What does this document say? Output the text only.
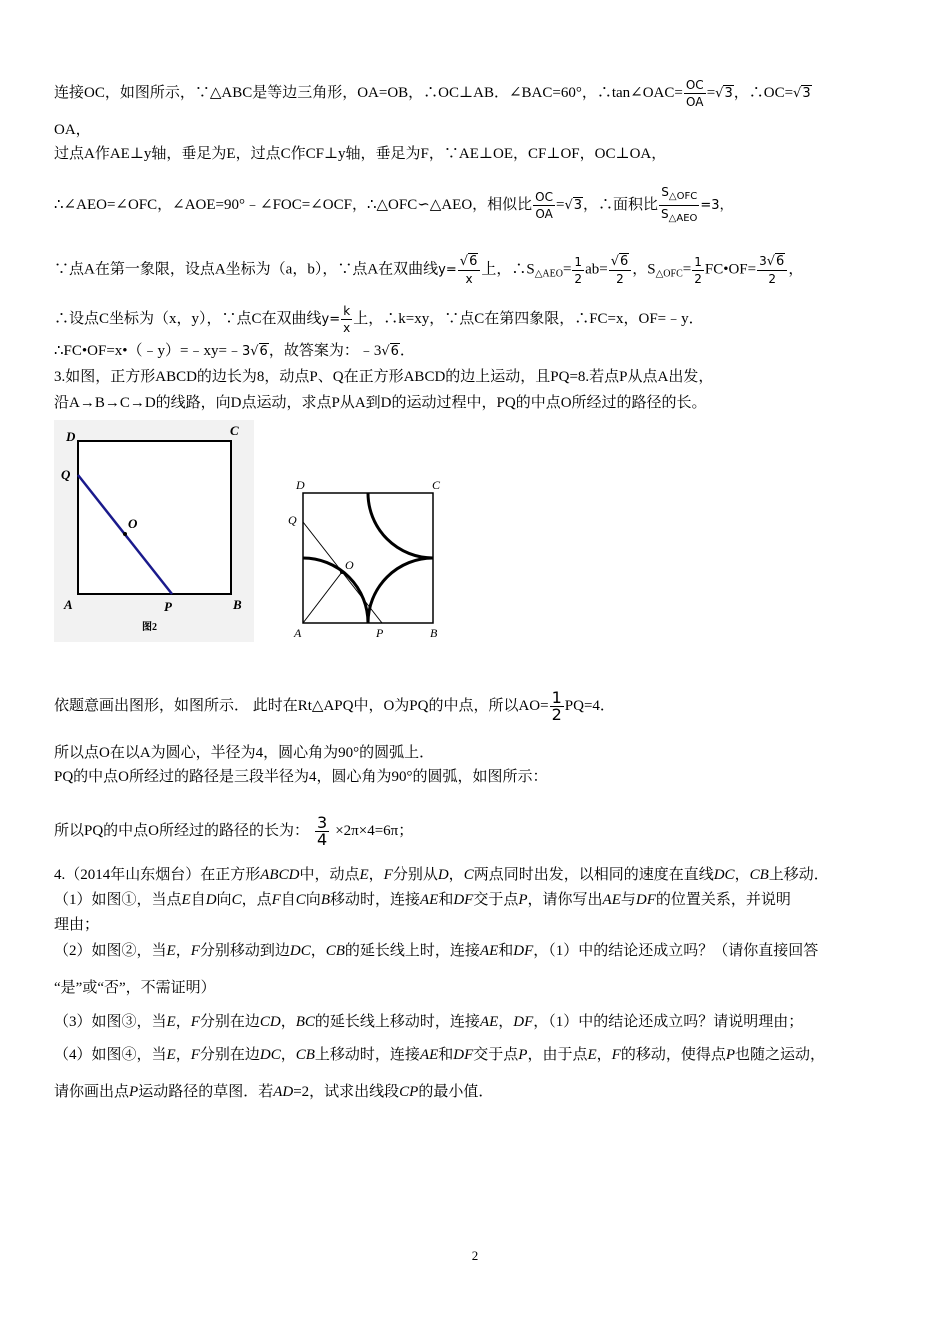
连接OC，如图所示，∵△ABC是等边三角形，OA=OB，∴OC⊥AB．∠BAC=60°，∴tan∠OAC= $\frac{OC}{OA} =√3$，∴OC=√3
OA，
过点A作AE⊥y轴，垂足为E，过点C作CF⊥y轴，垂足为F，∵AE⊥OE，CF⊥OF，OC⊥OA，
∴∠AEO=∠OFC，∠AOE=90°﹣∠FOC=∠OCF，∴△OFC∽△AEO，相似比 $\frac{OC}{OA} =√3$，∴面积比 $\frac{S_{\triangle OFC}}{S_{\triangle AEO}} =3$，
∵点A在第一象限，设点A坐标为（a，b），∵点A在双曲线$y= \frac{√6}{x}$ 上，$\therefore S_{\triangle AEO}= \frac{1}{2} ab= \frac{√6}{2}$ ，$S_{\triangle OFC}= \frac{1}{2}$ FC•OF= $\frac{3√6}{2}$ ，
∴设点C坐标为（x，y），∵点C在双曲线$y= \frac{k}{x}$ 上，∴k=xy，∵点C在第四象限，∴FC=x，OF=﹣y．
∴FC•OF=x•（﹣y）=﹣xy=﹣3√6，故答案为：﹣3√6．
3.如图，正方形ABCD的边长为8，动点P、Q在正方形ABCD的边上运动，且PQ=8.若点P从点A出发，
沿A→B→C→D的线路，向D点运动，求点P从A到D的运动过程中，PQ的中点O所经过的路径的长。
D	C
Q
O
A	P	B
图2
D	C
Q
O
A	P	B
依题意画出图形，如图所示． 此时在Rt△APQ中，O为PQ的中点，所以$AO= \frac{1}{2} PQ=4$．
所以点O在以A为圆心，半径为4，圆心角为90°的圆弧上．
PQ的中点O所经过的路径是三段半径为4，圆心角为90°的圆弧，如图所示：
所以PQ的中点O所经过的路径的长为： $\frac{3}{4} \times 2\pi\times 4=6\pi$；
4.（2014年山东烟台）在正方形ABCD中，动点E，F分别从D，C两点同时出发，以相同的速度在直线DC，CB上移动．
（1）如图①，当点E自D向C，点F自C向B移动时，连接AE和DF交于点P，请你写出AE与DF的位置关系，并说明
理由；
（2）如图②，当E，F分别移动到边DC，CB的延长线上时，连接AE和DF，（1）中的结论还成立吗？（请你直接回答
“是”或“否”，不需证明）
（3）如图③，当E，F分别在边CD，BC的延长线上移动时，连接AE，DF，（1）中的结论还成立吗？请说明理由；
（4）如图④，当E，F分别在边DC，CB上移动时，连接AE和DF交于点P，由于点E，F的移动，使得点P也随之运动，
请你画出点P运动路径的草图．若AD=2，试求出线段CP的最小值．
2
